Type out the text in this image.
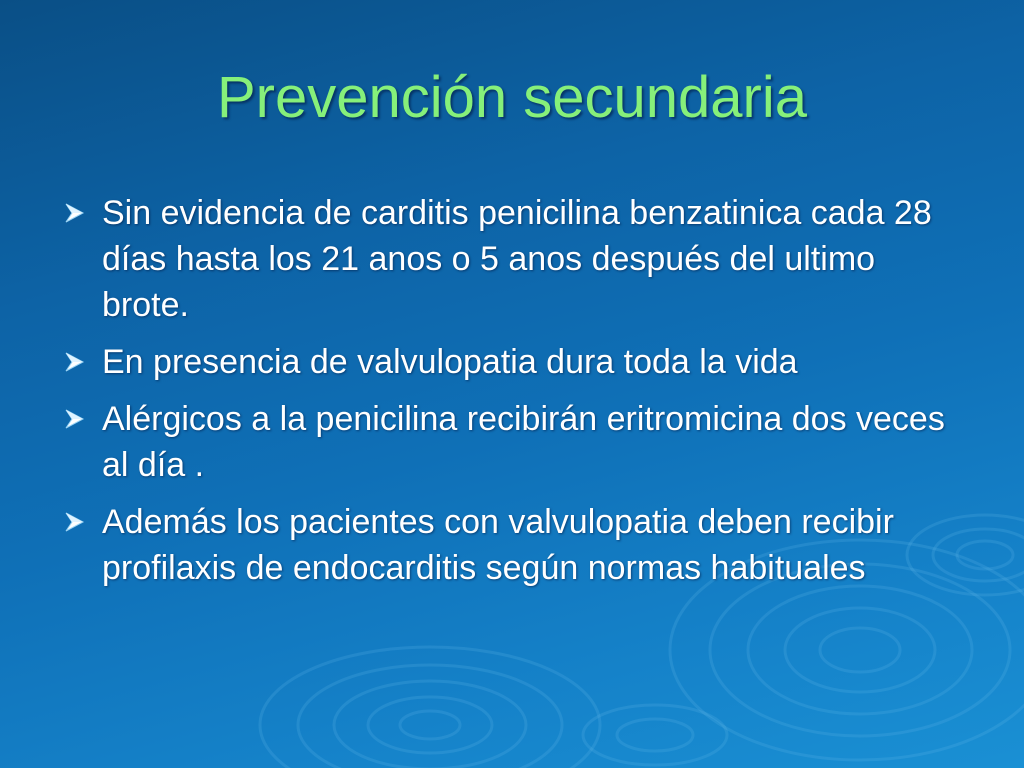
Prevención secundaria
Sin evidencia de carditis penicilina benzatinica cada 28 días hasta los 21 anos o 5 anos después del ultimo brote.
En presencia de valvulopatia dura toda la vida
Alérgicos a la penicilina recibirán eritromicina dos veces al día .
Además los pacientes con valvulopatia deben recibir profilaxis de endocarditis según normas habituales
